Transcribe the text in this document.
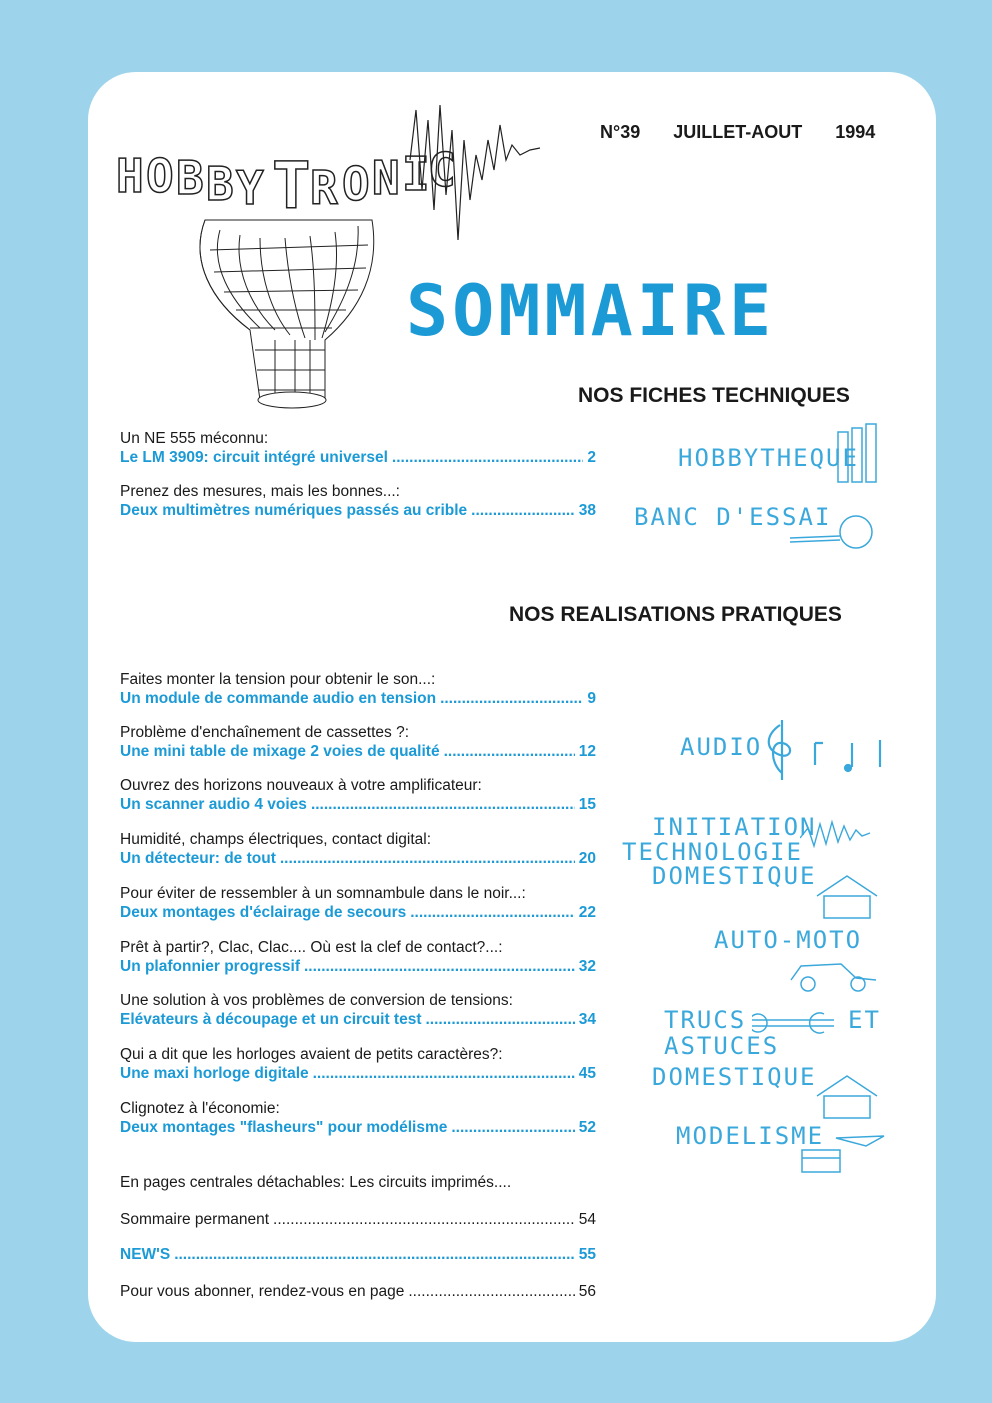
H O B B Y T R O N I
C
N°39 JUILLET-AOUT 1994
SOMMAIRE
NOS FICHES TECHNIQUES
Un NE 555 méconnu:
Le LM 3909: circuit intégré universel .....	2
Prenez des mesures, mais les bonnes...:
Deux multimètres numériques passés au crible .....	38
HOBBYTHEQUE
BANC D'ESSAI
NOS REALISATIONS PRATIQUES
Faites monter la tension pour obtenir le son...:
Un module de commande audio en tension .....	9
Problème d'enchaînement de cassettes ?:
Une mini table de mixage 2 voies de qualité .....	12
Ouvrez des horizons nouveaux à votre amplificateur:
Un scanner audio 4 voies .....	15
Humidité, champs électriques, contact digital:
Un détecteur: de tout .....	20
Pour éviter de ressembler à un somnambule dans le noir...:
Deux montages d'éclairage de secours .....	22
Prêt à partir?, Clac, Clac.... Où est la clef de contact?...:
Un plafonnier progressif .....	32
Une solution à vos problèmes de conversion de tensions:
Elévateurs à découpage et un circuit test .....	34
Qui a dit que les horloges avaient de petits caractères?:
Une maxi horloge digitale .....	45
Clignotez à l'économie:
Deux montages "flasheurs" pour modélisme .....	52
En pages centrales détachables: Les circuits imprimés....
Sommaire permanent .....	54
NEW'S .....	55
Pour vous abonner, rendez-vous en page .....	56
AUDIO
INITIATION
TECHNOLOGIE
DOMESTIQUE
AUTO-MOTO
TRUCS	ET
ASTUCES
DOMESTIQUE
MODELISME
